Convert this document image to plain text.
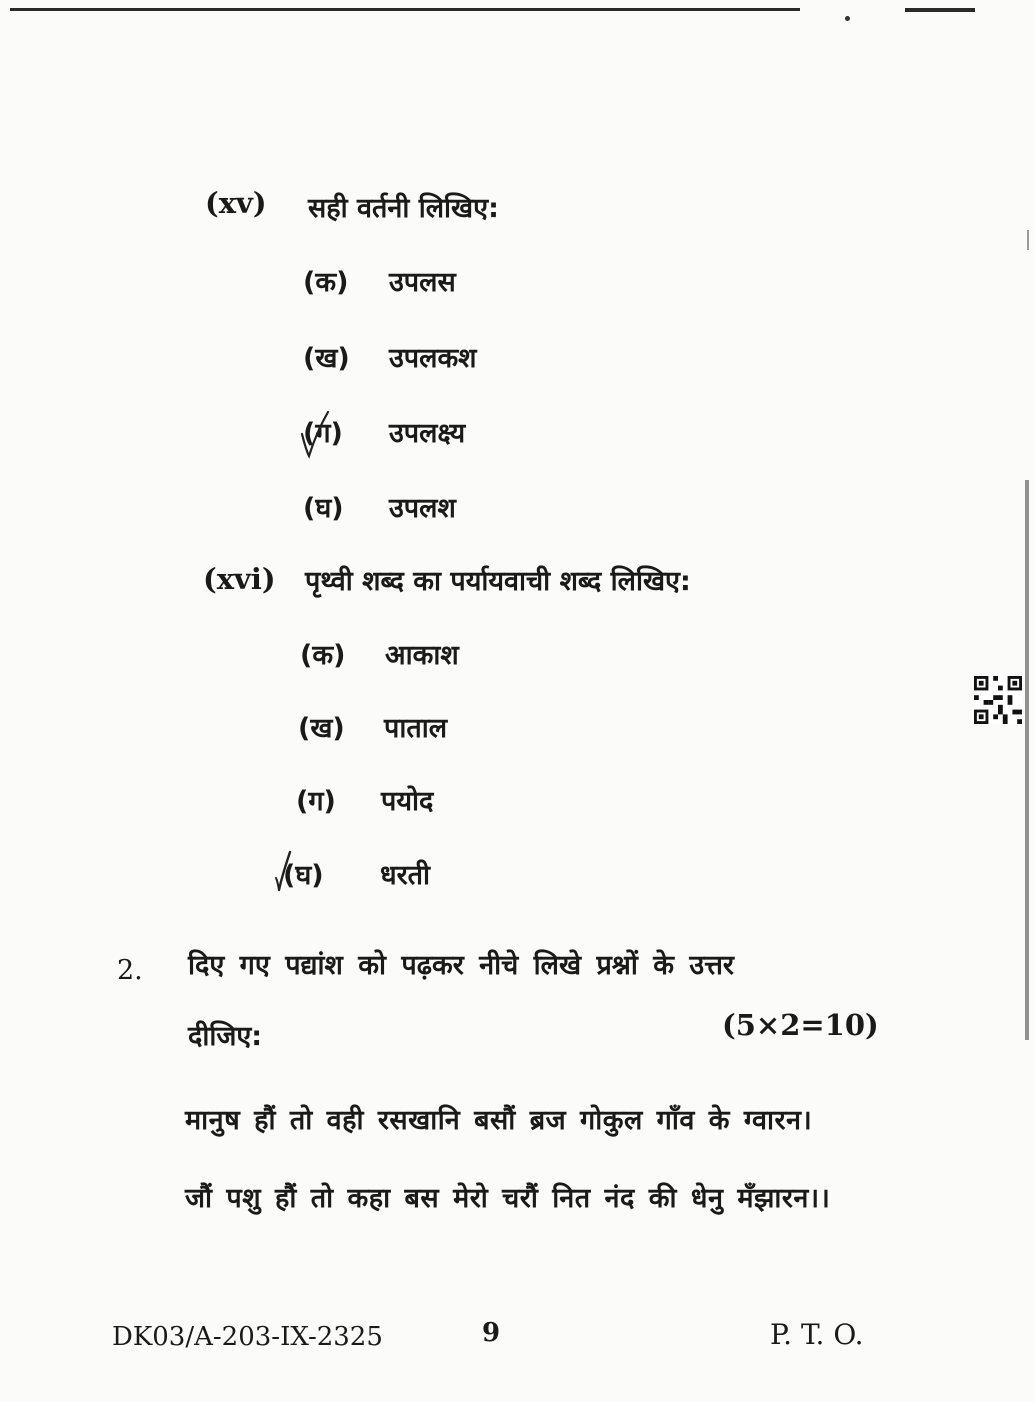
(xv) सही वर्तनी लिखिए:
(क) उपलस
(ख) उपलकश
(ग) उपलक्ष्य
(घ) उपलश
(xvi) पृथ्वी शब्द का पर्यायवाची शब्द लिखिए:
(क) आकाश
(ख) पाताल
(ग) पयोद
(घ) धरती
2. दिए गए पद्यांश को पढ़कर नीचे लिखे प्रश्नों के उत्तर
दीजिए:	(5×2=10)
मानुष हौं तो वही रसखानि बसौं ब्रज गोकुल गाँव के ग्वारन।
जौं पशु हौं तो कहा बस मेरो चरौं नित नंद की धेनु मँझारन।।
DK03/A-203-IX-2325	9	P. T. O.
